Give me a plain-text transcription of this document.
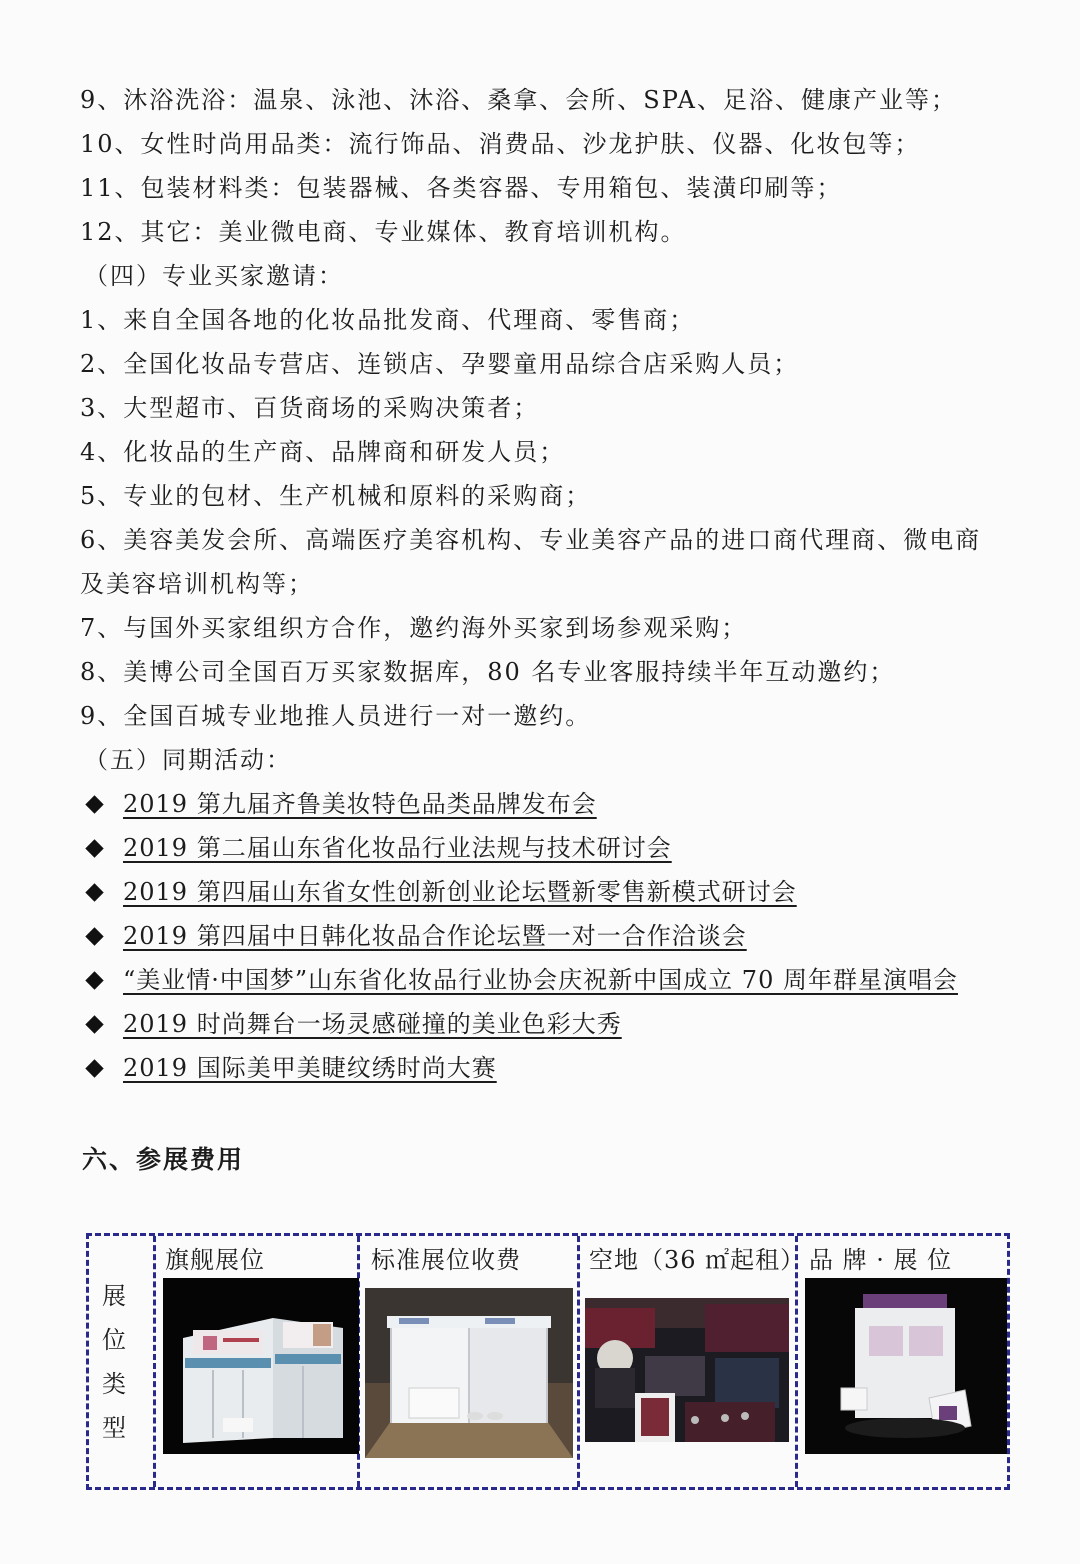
9、沐浴洗浴：温泉、泳池、沐浴、桑拿、会所、SPA、足浴、健康产业等；
10、女性时尚用品类：流行饰品、消费品、沙龙护肤、仪器、化妆包等；
11、包装材料类：包装器械、各类容器、专用箱包、装潢印刷等；
12、其它：美业微电商、专业媒体、教育培训机构。
（四）专业买家邀请：
1、来自全国各地的化妆品批发商、代理商、零售商；
2、全国化妆品专营店、连锁店、孕婴童用品综合店采购人员；
3、大型超市、百货商场的采购决策者；
4、化妆品的生产商、品牌商和研发人员；
5、专业的包材、生产机械和原料的采购商；
6、美容美发会所、高端医疗美容机构、专业美容产品的进口商代理商、微电商
及美容培训机构等；
7、与国外买家组织方合作，邀约海外买家到场参观采购；
8、美博公司全国百万买家数据库，80 名专业客服持续半年互动邀约；
9、全国百城专业地推人员进行一对一邀约。
（五）同期活动：
2019 第九届齐鲁美妆特色品类品牌发布会
2019 第二届山东省化妆品行业法规与技术研讨会
2019 第四届山东省女性创新创业论坛暨新零售新模式研讨会
2019 第四届中日韩化妆品合作论坛暨一对一合作洽谈会
“美业情·中国梦”山东省化妆品行业协会庆祝新中国成立 70 周年群星演唱会
2019 时尚舞台一场灵感碰撞的美业色彩大秀
2019 国际美甲美睫纹绣时尚大赛
六、参展费用
展
位
类
型
旗舰展位	标准展位收费	空地（36 ㎡起租） 品 牌 · 展 位
